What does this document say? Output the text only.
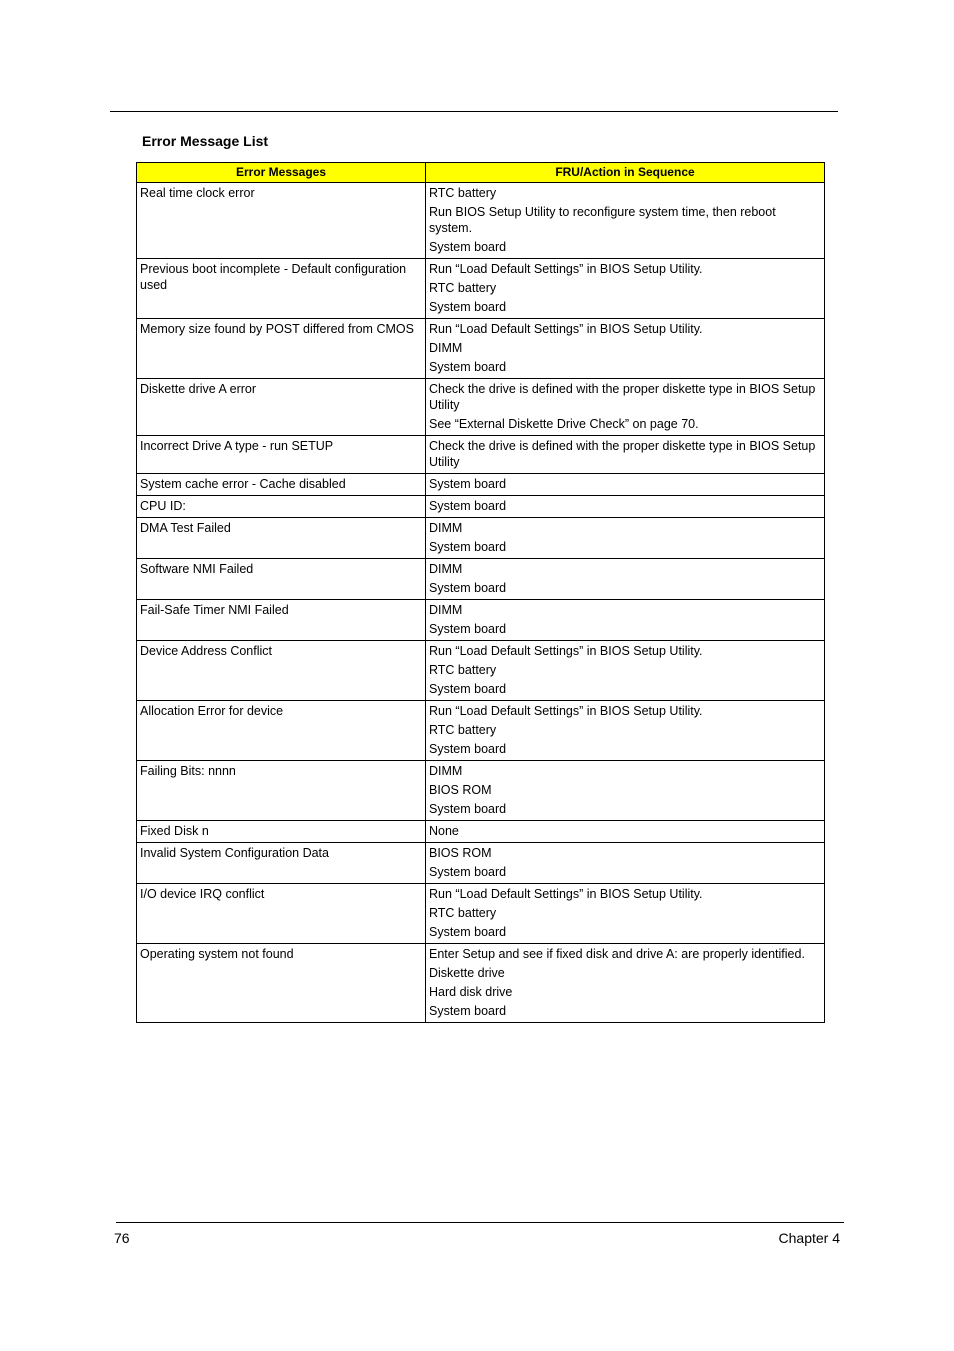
Error Message List
Error Messages	FRU/Action in Sequence

Real time clock error	RTC battery
Run BIOS Setup Utility to reconfigure system time, then reboot system.
System board

Previous boot incomplete - Default configuration used	Run “Load Default Settings” in BIOS Setup Utility.
RTC battery
System board

Memory size found by POST differed from CMOS	Run “Load Default Settings” in BIOS Setup Utility.
DIMM
System board

Diskette drive A error	Check the drive is defined with the proper diskette type in BIOS Setup Utility
See “External Diskette Drive Check” on page 70.

Incorrect Drive A type - run SETUP	Check the drive is defined with the proper diskette type in BIOS Setup Utility

System cache error - Cache disabled	System board

CPU ID:	System board

DMA Test Failed	DIMM
System board

Software NMI Failed	DIMM
System board

Fail-Safe Timer NMI Failed	DIMM
System board

Device Address Conflict	Run “Load Default Settings” in BIOS Setup Utility.
RTC battery
System board

Allocation Error for device	Run “Load Default Settings” in BIOS Setup Utility.
RTC battery
System board

Failing Bits: nnnn	DIMM
BIOS ROM
System board

Fixed Disk n	None

Invalid System Configuration Data	BIOS ROM
System board

I/O device IRQ conflict	Run “Load Default Settings” in BIOS Setup Utility.
RTC battery
System board

Operating system not found	Enter Setup and see if fixed disk and drive A: are properly identified.
Diskette drive
Hard disk drive
System board
76	Chapter 4
